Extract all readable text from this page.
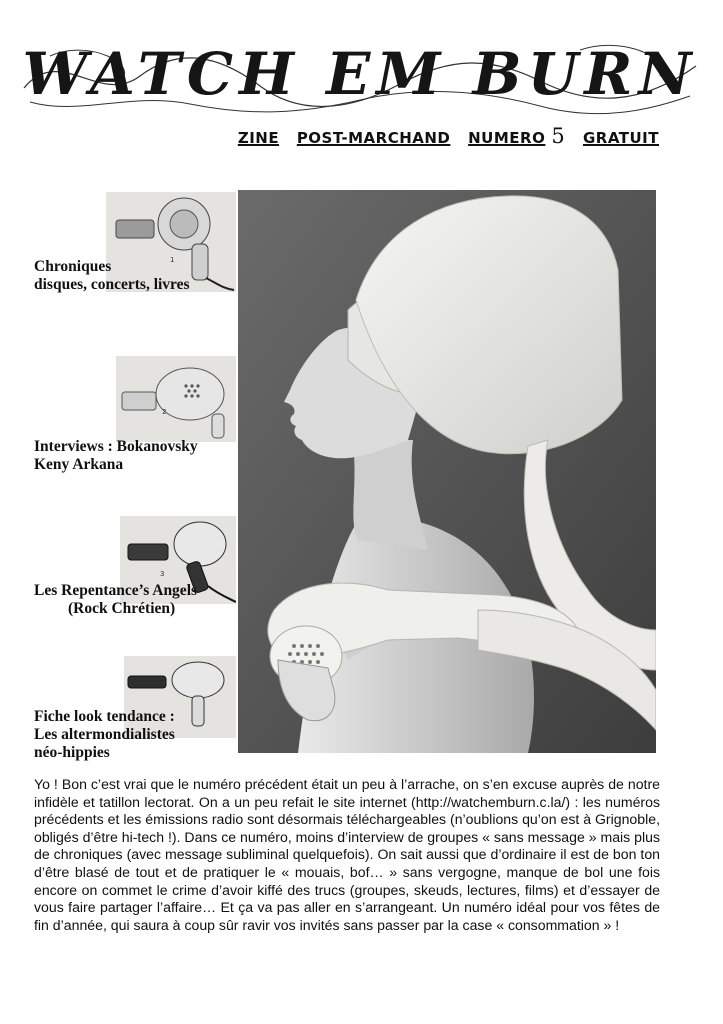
WATCH EM BURN
ZINE POST-MARCHAND NUMERO 5 GRATUIT
1
Chroniques
disques, concerts, livres
2
Interviews : Bokanovsky
Keny Arkana
3
Les Repentance’s Angels
(Rock Chrétien)
Fiche look tendance :
Les altermondialistes
néo-hippies
Yo ! Bon c’est vrai que le numéro précédent était un peu à l’arrache, on s’en excuse auprès de notre infidèle et tatillon lectorat. On a un peu refait le site internet (http://watchemburn.c.la/) : les numéros précédents et les émissions radio sont désormais téléchargeables (n’oublions qu’on est à Grignoble, obligés d’être hi-tech !). Dans ce numéro, moins d’interview de groupes « sans message » mais plus de chroniques (avec message subliminal quelquefois). On sait aussi que d’ordinaire il est de bon ton d’être blasé de tout et de pratiquer le « mouais, bof… » sans vergogne, manque de bol une fois encore on commet le crime d’avoir kiffé des trucs (groupes, skeuds, lectures, films) et d’essayer de vous faire partager l’affaire… Et ça va pas aller en s’arrangeant. Un numéro idéal pour vos fêtes de fin d’année, qui saura à coup sûr ravir vos invités sans passer par la case « consommation » !
